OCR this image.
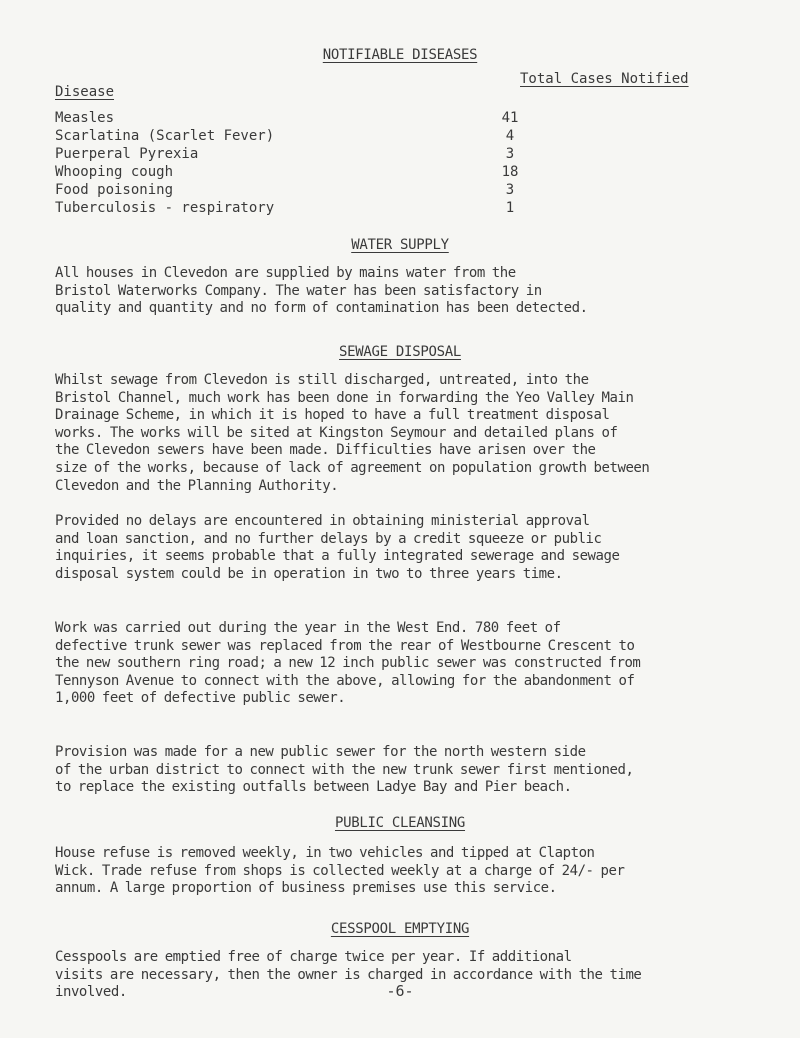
NOTIFIABLE DISEASES
Disease
Total Cases Notified
Measles	41
Scarlatina (Scarlet Fever)	4
Puerperal Pyrexia	3
Whooping cough	18
Food poisoning	3
Tuberculosis - respiratory	1
WATER SUPPLY
All houses in Clevedon are supplied by mains water from the
Bristol Waterworks Company. The water has been satisfactory in
quality and quantity and no form of contamination has been detected.
SEWAGE DISPOSAL
Whilst sewage from Clevedon is still discharged, untreated, into the
Bristol Channel, much work has been done in forwarding the Yeo Valley Main
Drainage Scheme, in which it is hoped to have a full treatment disposal
works. The works will be sited at Kingston Seymour and detailed plans of
the Clevedon sewers have been made. Difficulties have arisen over the
size of the works, because of lack of agreement on population growth between
Clevedon and the Planning Authority.
Provided no delays are encountered in obtaining ministerial approval
and loan sanction, and no further delays by a credit squeeze or public
inquiries, it seems probable that a fully integrated sewerage and sewage
disposal system could be in operation in two to three years time.
Work was carried out during the year in the West End. 780 feet of
defective trunk sewer was replaced from the rear of Westbourne Crescent to
the new southern ring road; a new 12 inch public sewer was constructed from
Tennyson Avenue to connect with the above, allowing for the abandonment of
1,000 feet of defective public sewer.
Provision was made for a new public sewer for the north western side
of the urban district to connect with the new trunk sewer first mentioned,
to replace the existing outfalls between Ladye Bay and Pier beach.
PUBLIC CLEANSING
House refuse is removed weekly, in two vehicles and tipped at Clapton
Wick. Trade refuse from shops is collected weekly at a charge of 24/- per
annum. A large proportion of business premises use this service.
CESSPOOL EMPTYING
Cesspools are emptied free of charge twice per year. If additional
visits are necessary, then the owner is charged in accordance with the time
involved.	-6-
